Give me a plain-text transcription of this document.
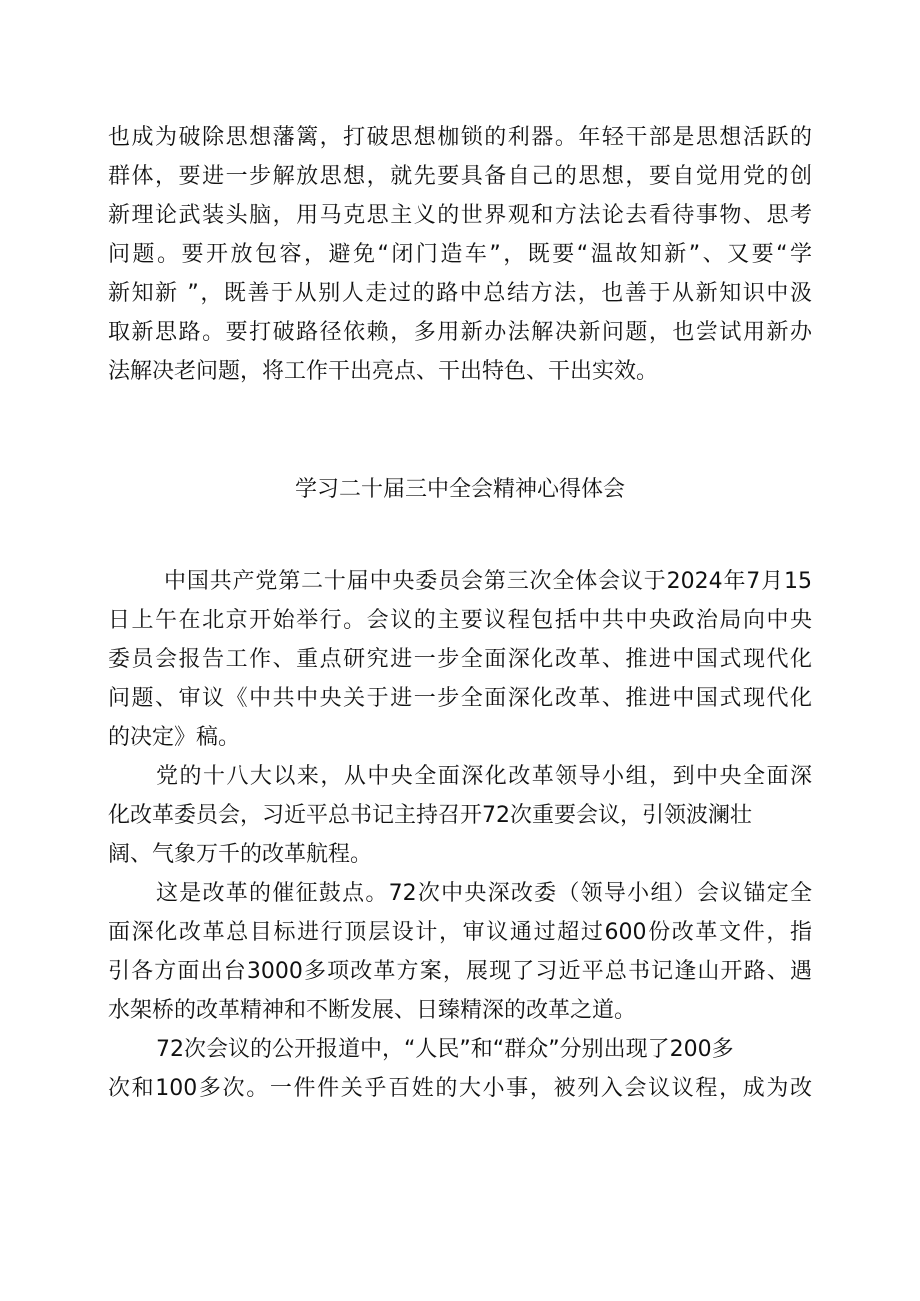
也成为破除思想藩篱，打破思想枷锁的利器。年轻干部是思想活跃的
群体，要进一步解放思想，就先要具备自己的思想，要自觉用党的创
新理论武装头脑，用马克思主义的世界观和方法论去看待事物、思考
问题。要开放包容，避免“闭门造车”，既要“温故知新”、又要“学
新知新 ”，既善于从别人走过的路中总结方法，也善于从新知识中汲
取新思路。要打破路径依赖，多用新办法解决新问题，也尝试用新办
法解决老问题，将工作干出亮点、干出特色、干出实效。
学习二十届三中全会精神心得体会
中国共产党第二十届中央委员会第三次全体会议于2024年7月15
日上午在北京开始举行。会议的主要议程包括中共中央政治局向中央
委员会报告工作、重点研究进一步全面深化改革、推进中国式现代化
问题、审议《中共中央关于进一步全面深化改革、推进中国式现代化
的决定》稿。
党的十八大以来，从中央全面深化改革领导小组，到中央全面深
化改革委员会，习近平总书记主持召开72次重要会议，引领波澜壮
阔、气象万千的改革航程。
这是改革的催征鼓点。72次中央深改委（领导小组）会议锚定全
面深化改革总目标进行顶层设计，审议通过超过600份改革文件，指
引各方面出台3000多项改革方案，展现了习近平总书记逢山开路、遇
水架桥的改革精神和不断发展、日臻精深的改革之道。
72次会议的公开报道中，“人民”和“群众”分别出现了200多
次和100多次。一件件关乎百姓的大小事，被列入会议议程，成为改
